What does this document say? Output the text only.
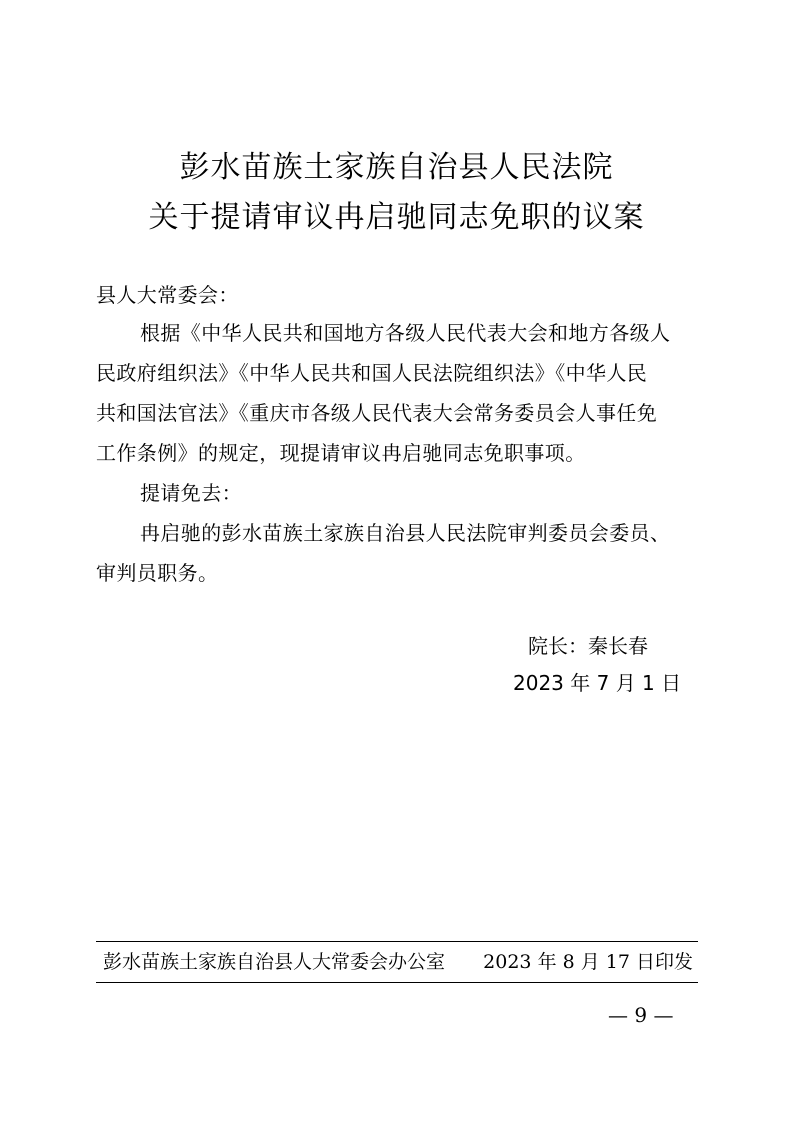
彭水苗族土家族自治县人民法院
关于提请审议冉启驰同志免职的议案
县人大常委会：
根据《中华人民共和国地方各级人民代表大会和地方各级人
民政府组织法》《中华人民共和国人民法院组织法》《中华人民
共和国法官法》《重庆市各级人民代表大会常务委员会人事任免
工作条例》的规定，现提请审议冉启驰同志免职事项。
提请免去：
冉启驰的彭水苗族土家族自治县人民法院审判委员会委员、
审判员职务。
院长：秦长春
2023 年 7 月 1 日
彭水苗族土家族自治县人大常委会办公室 2023 年 8 月 17 日印发
— 9 —
